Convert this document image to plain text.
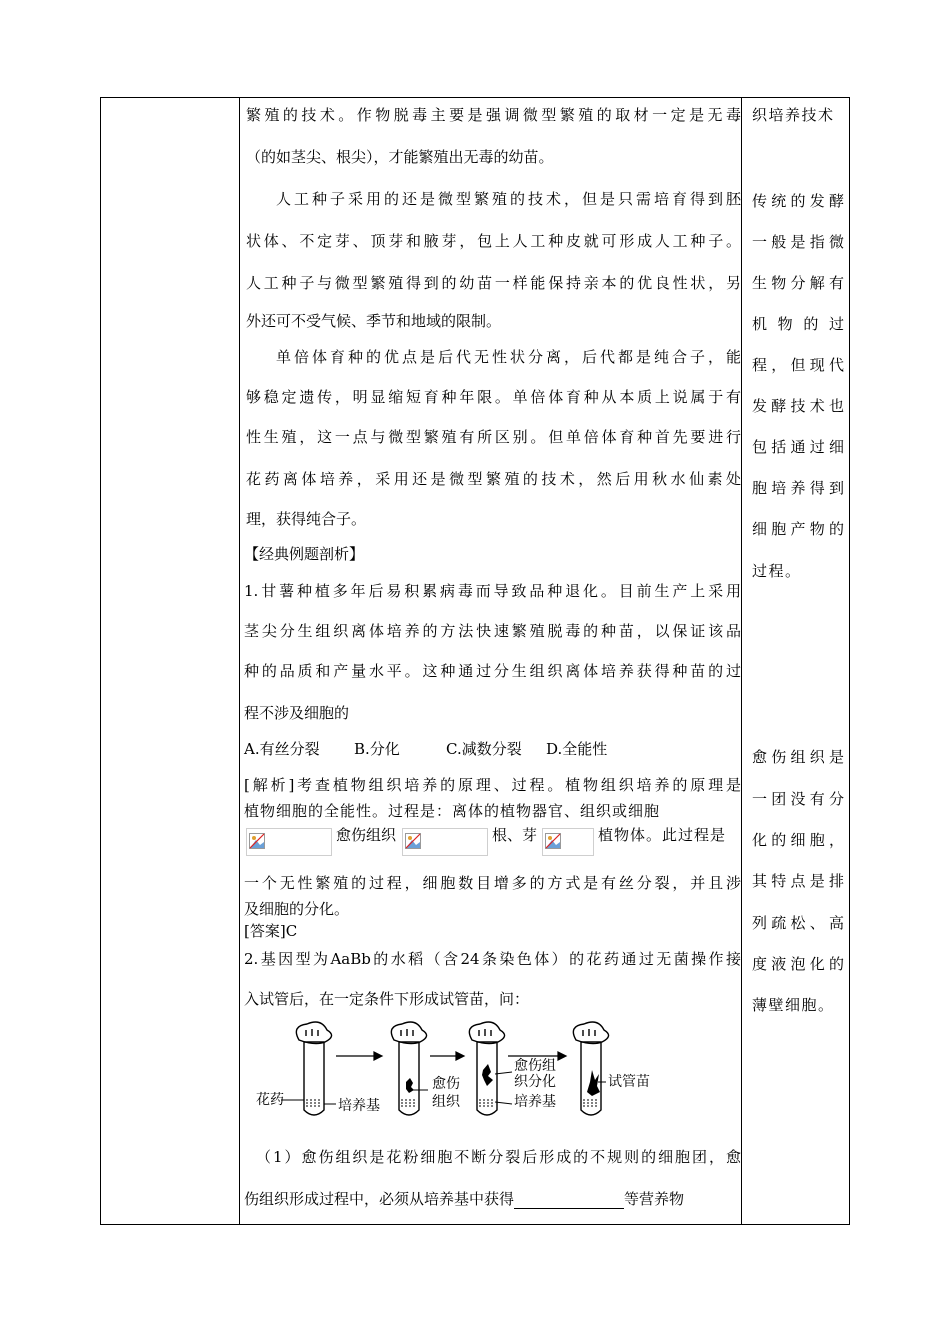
繁殖的技术。作物脱毒主要是强调微型繁殖的取材一定是无毒
（的如茎尖、根尖），才能繁殖出无毒的幼苗。
人工种子采用的还是微型繁殖的技术，但是只需培育得到胚
状体、不定芽、顶芽和腋芽，包上人工种皮就可形成人工种子。
人工种子与微型繁殖得到的幼苗一样能保持亲本的优良性状，另
外还可不受气候、季节和地域的限制。
单倍体育种的优点是后代无性状分离，后代都是纯合子，能
够稳定遗传，明显缩短育种年限。单倍体育种从本质上说属于有
性生殖，这一点与微型繁殖有所区别。但单倍体育种首先要进行
花药离体培养，采用还是微型繁殖的技术，然后用秋水仙素处
理，获得纯合子。
【经典例题剖析】
1.甘薯种植多年后易积累病毒而导致品种退化。目前生产上采用
茎尖分生组织离体培养的方法快速繁殖脱毒的种苗，以保证该品
种的品质和产量水平。这种通过分生组织离体培养获得种苗的过
程不涉及细胞的
A.有丝分裂 B.分化	C.减数分裂 D.全能性
[解析]考查植物组织培养的原理、过程。植物组织培养的原理是
植物细胞的全能性。过程是：离体的植物器官、组织或细胞
愈伤组织	根、芽	植物体。此过程是
一个无性繁殖的过程，细胞数目增多的方式是有丝分裂，并且涉
及细胞的分化。
[答案]C
2.基因型为AaBb的水稻（含24条染色体）的花药通过无菌操作接
入试管后，在一定条件下形成试管苗，问：
花药	培养基
愈伤
组织
愈伤组
织分化
培养基
试管苗
（1）愈伤组织是花粉细胞不断分裂后形成的不规则的细胞团，愈
伤组织形成过程中，必须从培养基中获得	等营养物
织培养技术
传统的发酵
一般是指微
生物分解有
机 物 的 过
程，但现代
发酵技术也
包括通过细
胞培养得到
细胞产物的
过程。
愈伤组织是
一团没有分
化的细胞，
其特点是排
列疏松、高
度液泡化的
薄壁细胞。
